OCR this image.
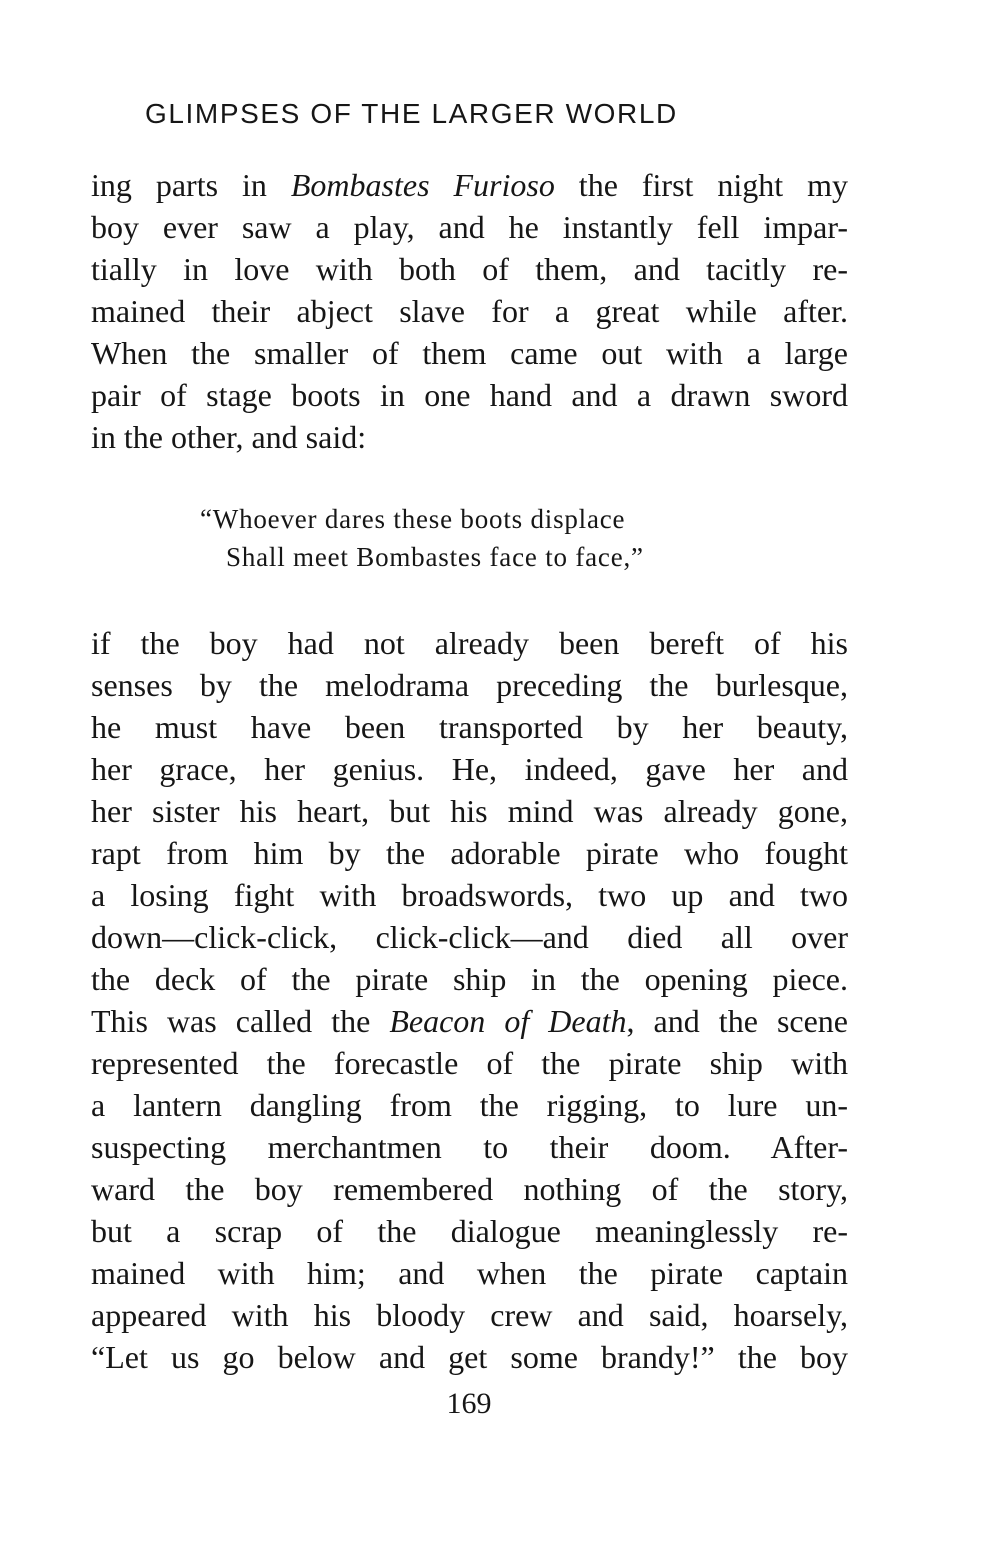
GLIMPSES OF THE LARGER WORLD
ing parts in Bombastes Furioso the first night my
boy ever saw a play, and he instantly fell impar-
tially in love with both of them, and tacitly re-
mained their abject slave for a great while after.
When the smaller of them came out with a large
pair of stage boots in one hand and a drawn sword
in the other, and said:
“Whoever dares these boots displace
Shall meet Bombastes face to face,”
if the boy had not already been bereft of his
senses by the melodrama preceding the burlesque,
he must have been transported by her beauty,
her grace, her genius. He, indeed, gave her and
her sister his heart, but his mind was already gone,
rapt from him by the adorable pirate who fought
a losing fight with broadswords, two up and two
down—click-click, click-click—and died all over
the deck of the pirate ship in the opening piece.
This was called the Beacon of Death, and the scene
represented the forecastle of the pirate ship with
a lantern dangling from the rigging, to lure un-
suspecting merchantmen to their doom. After-
ward the boy remembered nothing of the story,
but a scrap of the dialogue meaninglessly re-
mained with him; and when the pirate captain
appeared with his bloody crew and said, hoarsely,
“Let us go below and get some brandy!” the boy
169
